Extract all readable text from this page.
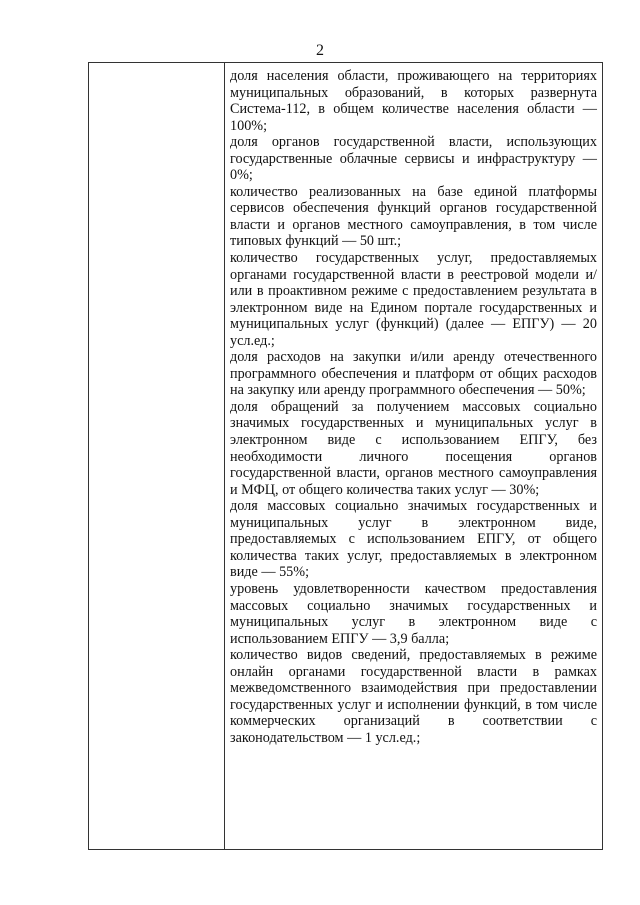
2

доля населения области, проживающего на территориях муниципальных образований, в которых развернута Система-112, в общем количестве населения области — 100%;

доля органов государственной власти, использующих государственные облачные сервисы и инфраструктуру — 0%;

количество реализованных на базе единой платформы сервисов обеспечения функций органов государственной власти и органов местного самоуправления, в том числе типовых функций — 50 шт.;

количество государственных услуг, предоставляемых органами государственной власти в реестровой модели и/или в проактивном режиме с предоставлением результата в электронном виде на Едином портале государственных и муниципальных услуг (функций) (далее — ЕПГУ) — 20 усл.ед.;

доля расходов на закупки и/или аренду отечественного программного обеспечения и платформ от общих расходов на закупку или аренду программного обеспечения — 50%;

доля обращений за получением массовых социально значимых государственных и муниципальных услуг в электронном виде с использованием ЕПГУ, без необходимости личного посещения органов государственной власти, органов местного самоуправления и МФЦ, от общего количества таких услуг — 30%;

доля массовых социально значимых государственных и муниципальных услуг в электронном виде, предоставляемых с использованием ЕПГУ, от общего количества таких услуг, предоставляемых в электронном виде — 55%;

уровень удовлетворенности качеством предоставления массовых социально значимых государственных и муниципальных услуг в электронном виде с использованием ЕПГУ — 3,9 балла;

количество видов сведений, предоставляемых в режиме онлайн органами государственной власти в рамках межведомственного взаимодействия при предоставлении государственных услуг и исполнении функций, в том числе коммерческих организаций в соответствии с законодательством — 1 усл.ед.;
